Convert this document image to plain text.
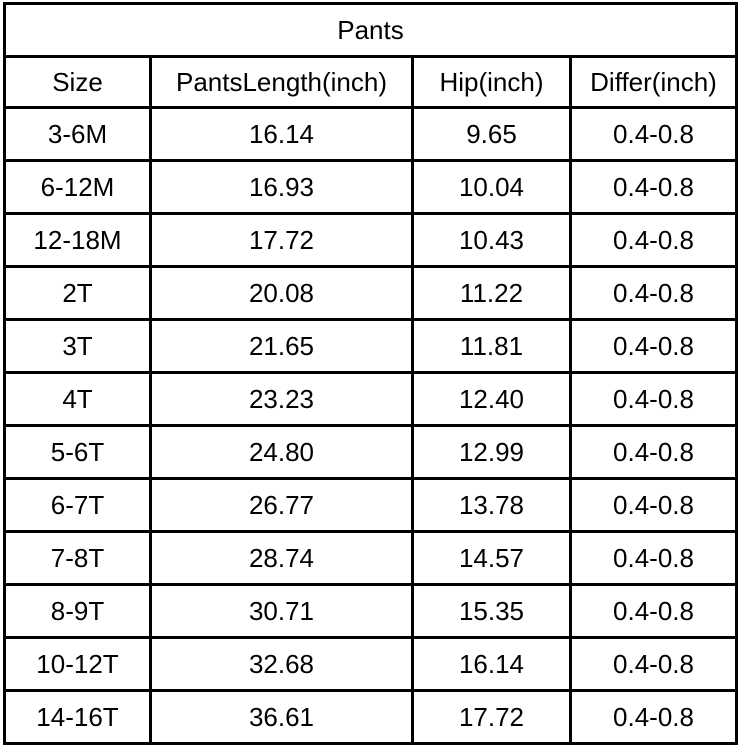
Pants			
Size	PantsLength(inch)	Hip(inch)	Differ(inch)
3-6M	16.14	9.65	0.4-0.8
6-12M	16.93	10.04	0.4-0.8
12-18M	17.72	10.43	0.4-0.8
2T	20.08	11.22	0.4-0.8
3T	21.65	11.81	0.4-0.8
4T	23.23	12.40	0.4-0.8
5-6T	24.80	12.99	0.4-0.8
6-7T	26.77	13.78	0.4-0.8
7-8T	28.74	14.57	0.4-0.8
8-9T	30.71	15.35	0.4-0.8
10-12T	32.68	16.14	0.4-0.8
14-16T	36.61	17.72	0.4-0.8
